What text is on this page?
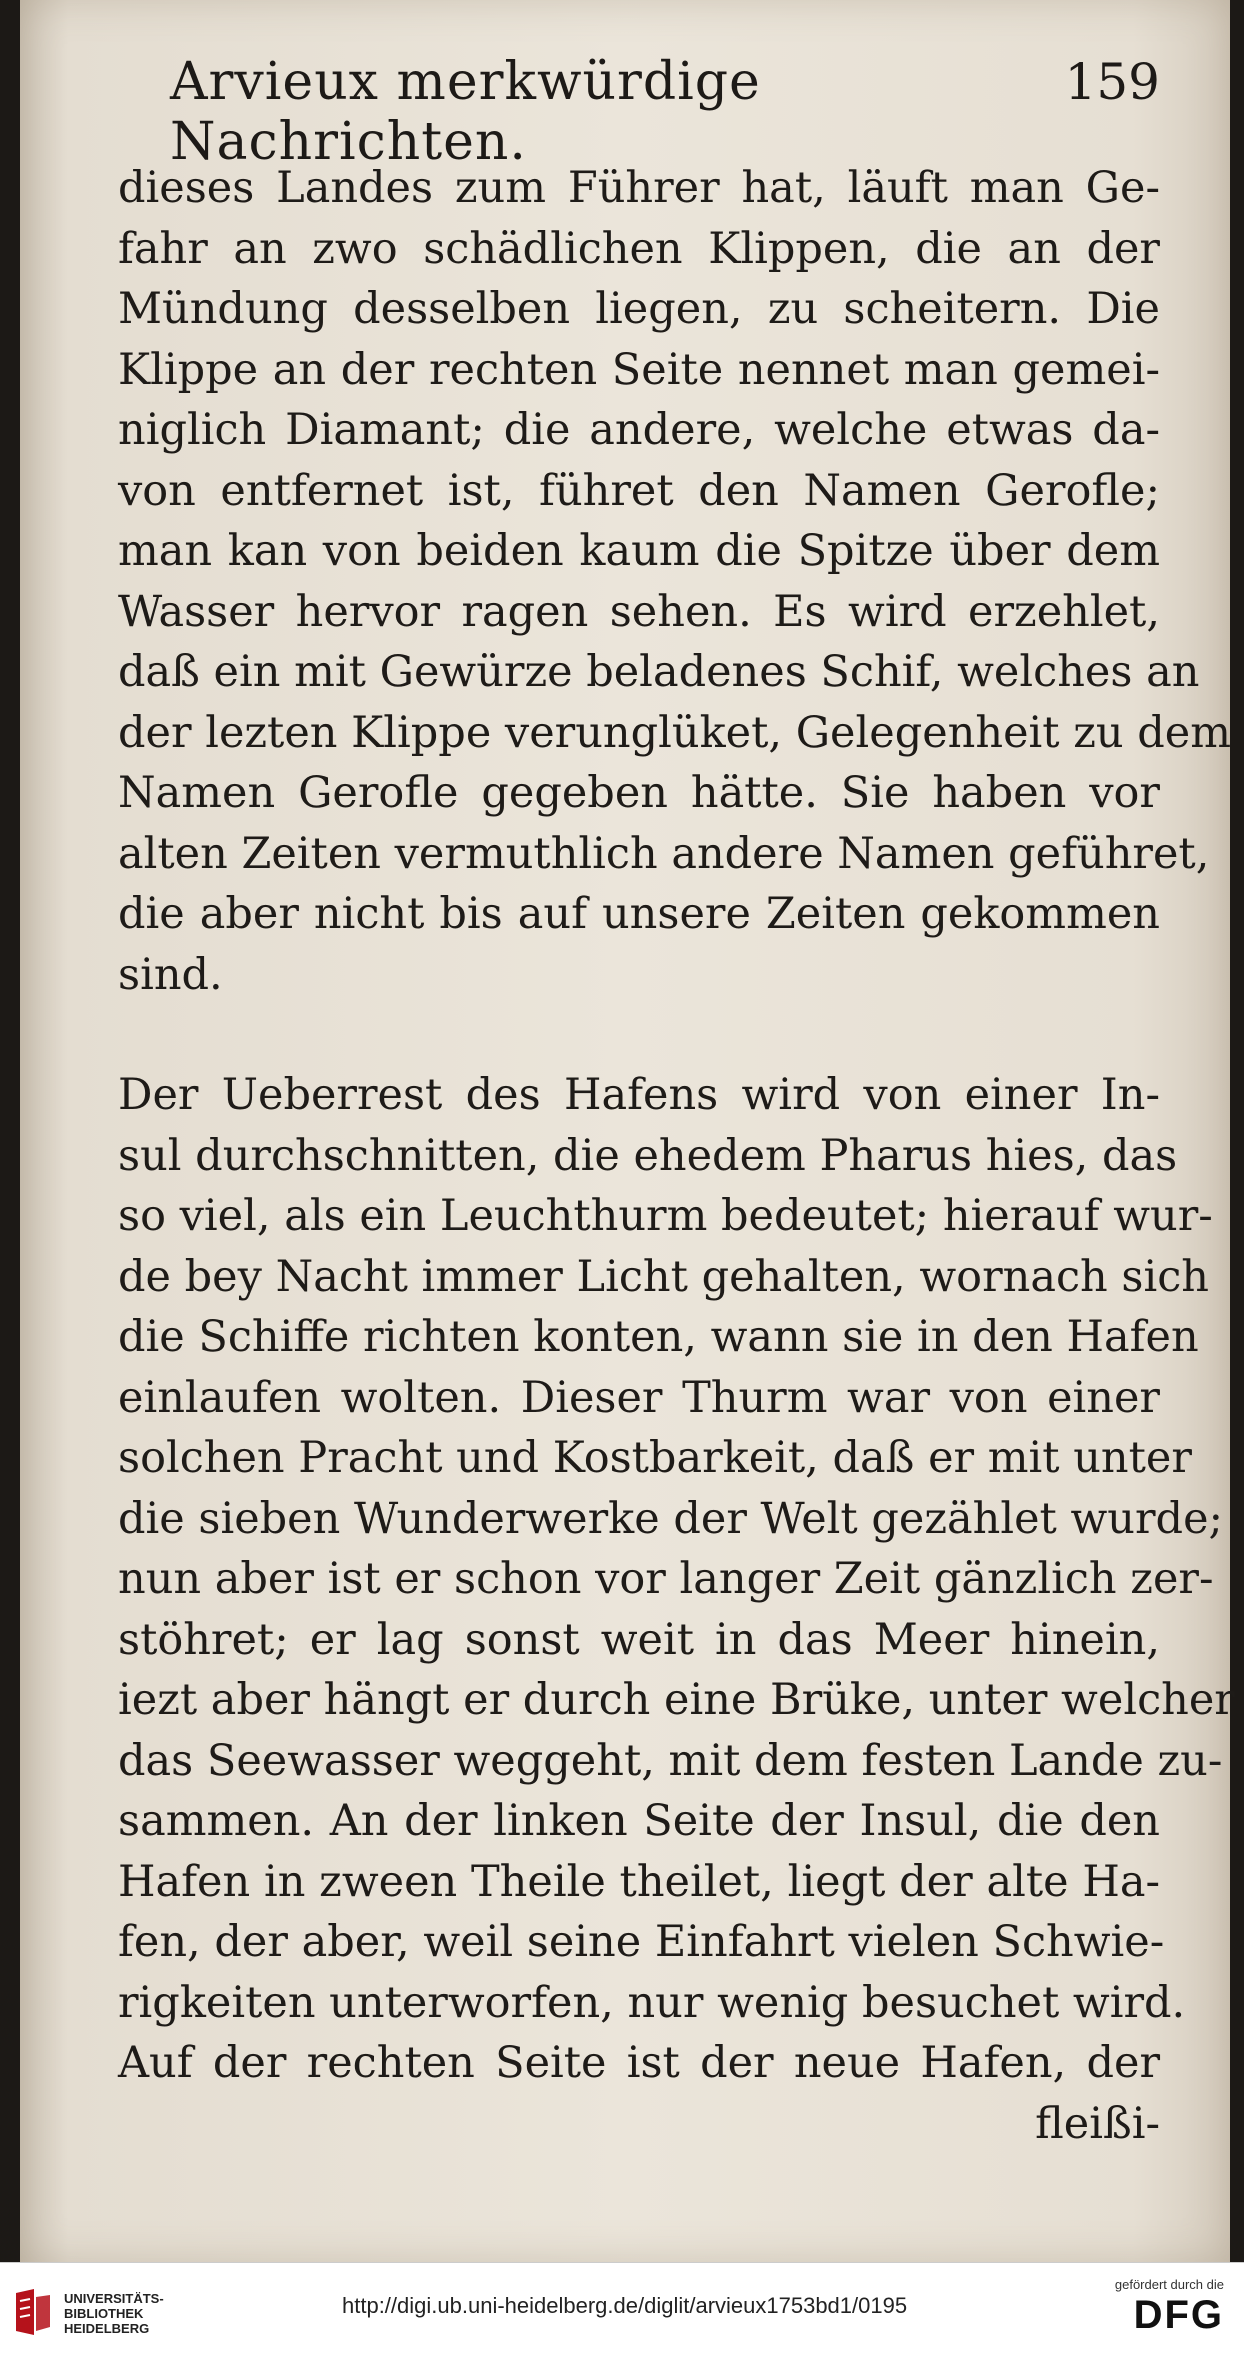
Arvieux merkwürdige Nachrichten.
159
dieses Landes zum Führer hat, läuft man Ge-
fahr an zwo schädlichen Klippen, die an der
Mündung desselben liegen, zu scheitern. Die
Klippe an der rechten Seite nennet man gemei-
niglich Diamant; die andere, welche etwas da-
von entfernet ist, führet den Namen Gerofle;
man kan von beiden kaum die Spitze über dem
Wasser hervor ragen sehen. Es wird erzehlet,
daß ein mit Gewürze beladenes Schif, welches an
der lezten Klippe verunglüket, Gelegenheit zu dem
Namen Gerofle gegeben hätte. Sie haben vor
alten Zeiten vermuthlich andere Namen geführet,
die aber nicht bis auf unsere Zeiten gekommen
sind.
Der Ueberrest des Hafens wird von einer In-
sul durchschnitten, die ehedem Pharus hies, das
so viel, als ein Leuchthurm bedeutet; hierauf wur-
de bey Nacht immer Licht gehalten, wornach sich
die Schiffe richten konten, wann sie in den Hafen
einlaufen wolten. Dieser Thurm war von einer
solchen Pracht und Kostbarkeit, daß er mit unter
die sieben Wunderwerke der Welt gezählet wurde;
nun aber ist er schon vor langer Zeit gänzlich zer-
stöhret; er lag sonst weit in das Meer hinein,
iezt aber hängt er durch eine Brüke, unter welcher
das Seewasser weggeht, mit dem festen Lande zu-
sammen. An der linken Seite der Insul, die den
Hafen in zween Theile theilet, liegt der alte Ha-
fen, der aber, weil seine Einfahrt vielen Schwie-
rigkeiten unterworfen, nur wenig besuchet wird.
Auf der rechten Seite ist der neue Hafen, der
fleißi-
UNIVERSITÄTS-
BIBLIOTHEK
HEIDELBERG
http://digi.ub.uni-heidelberg.de/diglit/arvieux1753bd1/0195
gefördert durch die
DFG
